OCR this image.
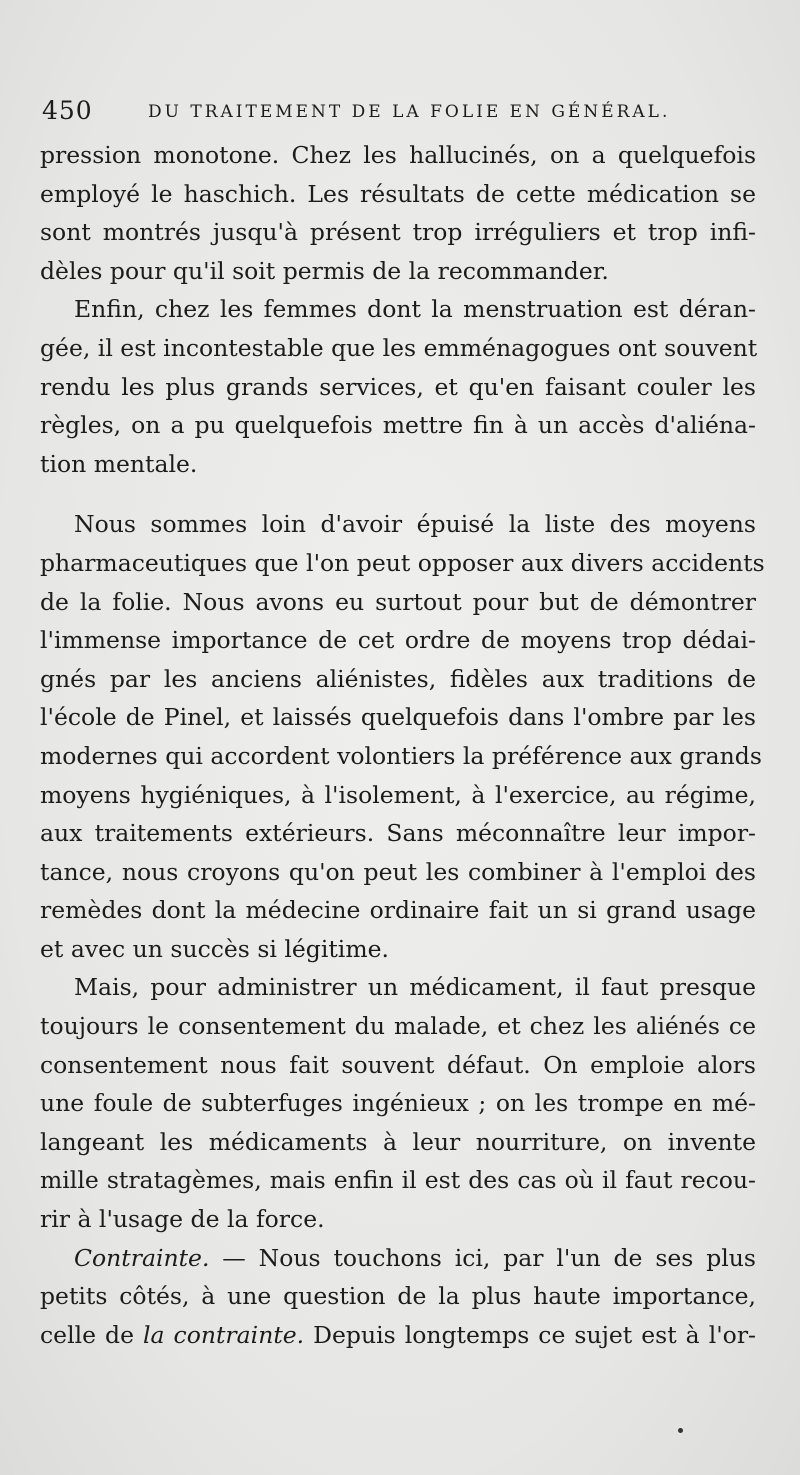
450	DU TRAITEMENT DE LA FOLIE EN GÉNÉRAL.
pression monotone. Chez les hallucinés, on a quelquefois
employé le haschich. Les résultats de cette médication se
sont montrés jusqu'à présent trop irréguliers et trop infi-
dèles pour qu'il soit permis de la recommander.
Enfin, chez les femmes dont la menstruation est déran-
gée, il est incontestable que les emménagogues ont souvent
rendu les plus grands services, et qu'en faisant couler les
règles, on a pu quelquefois mettre fin à un accès d'aliéna-
tion mentale.
Nous sommes loin d'avoir épuisé la liste des moyens
pharmaceutiques que l'on peut opposer aux divers accidents
de la folie. Nous avons eu surtout pour but de démontrer
l'immense importance de cet ordre de moyens trop dédai-
gnés par les anciens aliénistes, fidèles aux traditions de
l'école de Pinel, et laissés quelquefois dans l'ombre par les
modernes qui accordent volontiers la préférence aux grands
moyens hygiéniques, à l'isolement, à l'exercice, au régime,
aux traitements extérieurs. Sans méconnaître leur impor-
tance, nous croyons qu'on peut les combiner à l'emploi des
remèdes dont la médecine ordinaire fait un si grand usage
et avec un succès si légitime.
Mais, pour administrer un médicament, il faut presque
toujours le consentement du malade, et chez les aliénés ce
consentement nous fait souvent défaut. On emploie alors
une foule de subterfuges ingénieux ; on les trompe en mé-
langeant les médicaments à leur nourriture, on invente
mille stratagèmes, mais enfin il est des cas où il faut recou-
rir à l'usage de la force.
Contrainte. — Nous touchons ici, par l'un de ses plus
petits côtés, à une question de la plus haute importance,
celle de la contrainte. Depuis longtemps ce sujet est à l'or-
